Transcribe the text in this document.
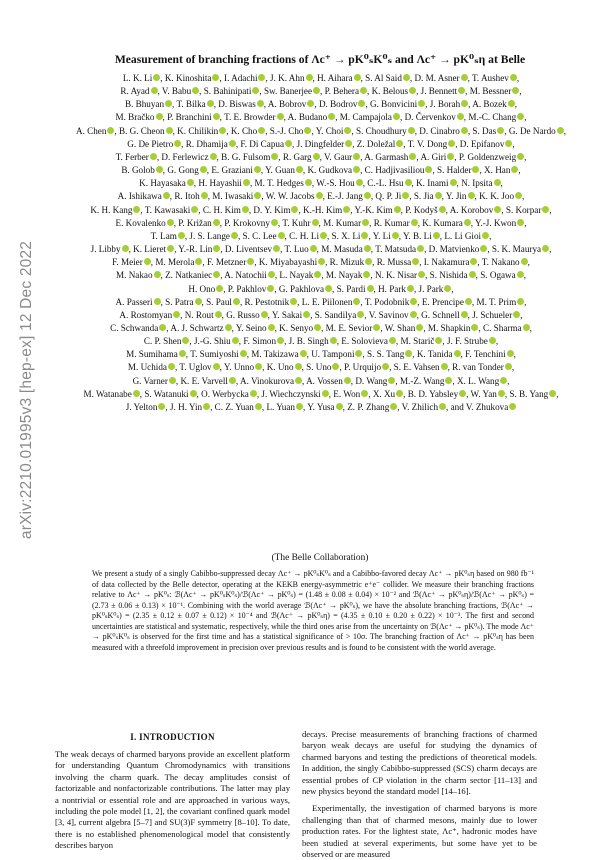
arXiv:2210.01995v3 [hep-ex] 12 Dec 2022
Measurement of branching fractions of Λc⁺ → pK⁰ₛK⁰ₛ and Λc⁺ → pK⁰ₛη at Belle
L. K. Li , K. Kinoshita , I. Adachi , J. K. Ahn , H. Aihara , S. Al Said , D. M. Asner , T. Aushev ,
R. Ayad , V. Babu , S. Bahinipati , Sw. Banerjee , P. Behera , K. Belous , J. Bennett , M. Bessner ,
B. Bhuyan , T. Bilka , D. Biswas , A. Bobrov , D. Bodrov , G. Bonvicini , J. Borah , A. Bozek ,
M. Bračko , P. Branchini , T. E. Browder , A. Budano , M. Campajola , D. Červenkov , M.-C. Chang ,
A. Chen , B. G. Cheon , K. Chilikin , K. Cho , S.-J. Cho , Y. Choi , S. Choudhury , D. Cinabro , S. Das , G. De Nardo ,
G. De Pietro , R. Dhamija , F. Di Capua , J. Dingfelder , Z. Doležal , T. V. Dong , D. Epifanov ,
T. Ferber , D. Ferlewicz , B. G. Fulsom , R. Garg , V. Gaur , A. Garmash , A. Giri , P. Goldenzweig ,
B. Golob , G. Gong , E. Graziani , Y. Guan , K. Gudkova , C. Hadjivasiliou , S. Halder , X. Han ,
K. Hayasaka , H. Hayashii , M. T. Hedges , W.-S. Hou , C.-L. Hsu , K. Inami , N. Ipsita ,
A. Ishikawa , R. Itoh , M. Iwasaki , W. W. Jacobs , E.-J. Jang , Q. P. Ji , S. Jia , Y. Jin , K. K. Joo ,
K. H. Kang , T. Kawasaki , C. H. Kim , D. Y. Kim , K.-H. Kim , Y.-K. Kim , P. Kodyš , A. Korobov , S. Korpar ,
E. Kovalenko , P. Križan , P. Krokovny , T. Kuhr , M. Kumar , R. Kumar , K. Kumara , Y.-J. Kwon ,
T. Lam , J. S. Lange , S. C. Lee , C. H. Li , S. X. Li , Y. Li , Y. B. Li , L. Li Gioi ,
J. Libby , K. Lieret , Y.-R. Lin , D. Liventsev , T. Luo , M. Masuda , T. Matsuda , D. Matvienko , S. K. Maurya ,
F. Meier , M. Merola , F. Metzner , K. Miyabayashi , R. Mizuk , R. Mussa , I. Nakamura , T. Nakano ,
M. Nakao , Z. Natkaniec , A. Natochii , L. Nayak , M. Nayak , N. K. Nisar , S. Nishida , S. Ogawa ,
H. Ono , P. Pakhlov , G. Pakhlova , S. Pardi , H. Park , J. Park ,
A. Passeri , S. Patra , S. Paul , R. Pestotnik , L. E. Piilonen , T. Podobnik , E. Prencipe , M. T. Prim ,
A. Rostomyan , N. Rout , G. Russo , Y. Sakai , S. Sandilya , V. Savinov , G. Schnell , J. Schueler ,
C. Schwanda , A. J. Schwartz , Y. Seino , K. Senyo , M. E. Sevior , W. Shan , M. Shapkin , C. Sharma ,
C. P. Shen , J.-G. Shiu , F. Simon , J. B. Singh , E. Solovieva , M. Starič , J. F. Strube ,
M. Sumihama , T. Sumiyoshi , M. Takizawa , U. Tamponi , S. S. Tang , K. Tanida , F. Tenchini ,
M. Uchida , T. Uglov , Y. Unno , K. Uno , S. Uno , P. Urquijo , S. E. Vahsen , R. van Tonder ,
G. Varner , K. E. Varvell , A. Vinokurova , A. Vossen , D. Wang , M.-Z. Wang , X. L. Wang ,
M. Watanabe , S. Watanuki , O. Werbycka , J. Wiechczynski , E. Won , X. Xu , B. D. Yabsley , W. Yan , S. B. Yang ,
J. Yelton , J. H. Yin , C. Z. Yuan , L. Yuan , Y. Yusa , Z. P. Zhang , V. Zhilich , and V. Zhukova
(The Belle Collaboration)

We present a study of a singly Cabibbo-suppressed decay Λc⁺ → pK⁰ₛK⁰ₛ and a Cabibbo-favored decay Λc⁺ → pK⁰ₛη based on 980 fb⁻¹ of data collected by the Belle detector, operating at the KEKB energy-asymmetric e⁺e⁻ collider. We measure their branching fractions relative to Λc⁺ → pK⁰ₛ: ℬ(Λc⁺ → pK⁰ₛK⁰ₛ)/ℬ(Λc⁺ → pK⁰ₛ) = (1.48 ± 0.08 ± 0.04) × 10⁻² and ℬ(Λc⁺ → pK⁰ₛη)/ℬ(Λc⁺ → pK⁰ₛ) = (2.73 ± 0.06 ± 0.13) × 10⁻¹. Combining with the world average ℬ(Λc⁺ → pK⁰ₛ), we have the absolute branching fractions, ℬ(Λc⁺ → pK⁰ₛK⁰ₛ) = (2.35 ± 0.12 ± 0.07 ± 0.12) × 10⁻⁴ and ℬ(Λc⁺ → pK⁰ₛη) = (4.35 ± 0.10 ± 0.20 ± 0.22) × 10⁻³. The first and second uncertainties are statistical and systematic, respectively, while the third ones arise from the uncertainty on ℬ(Λc⁺ → pK⁰ₛ). The mode Λc⁺ → pK⁰ₛK⁰ₛ is observed for the first time and has a statistical significance of > 10σ. The branching fraction of Λc⁺ → pK⁰ₛη has been measured with a threefold improvement in precision over previous results and is found to be consistent with the world average.

The weak decays of charmed baryons provide an excellent platform for understanding Quantum Chromodynamics with transitions involving the charm quark. The decay amplitudes consist of factorizable and nonfactorizable contributions. The latter may play a nontrivial or essential role and are approached in various ways, including the pole model [1, 2], the covariant confined quark model [3, 4], current algebra [5–7] and SU(3)F symmetry [8–10]. To date, there is no established phenomenological model that consistently describes baryon

I. INTRODUCTION	decays. Precise measurements of branching fractions of charmed baryon weak decays are useful for studying the dynamics of charmed baryons and testing the predictions of theoretical models. In addition, the singly Cabibbo-suppressed (SCS) charm decays are essential probes of CP violation in the charm sector [11–13] and new physics beyond the standard model [14–16].

Experimentally, the investigation of charmed baryons is more challenging than that of charmed mesons, mainly due to lower production rates. For the lightest state, Λc⁺, hadronic modes have been studied at several experiments, but some have yet to be observed or are measured
